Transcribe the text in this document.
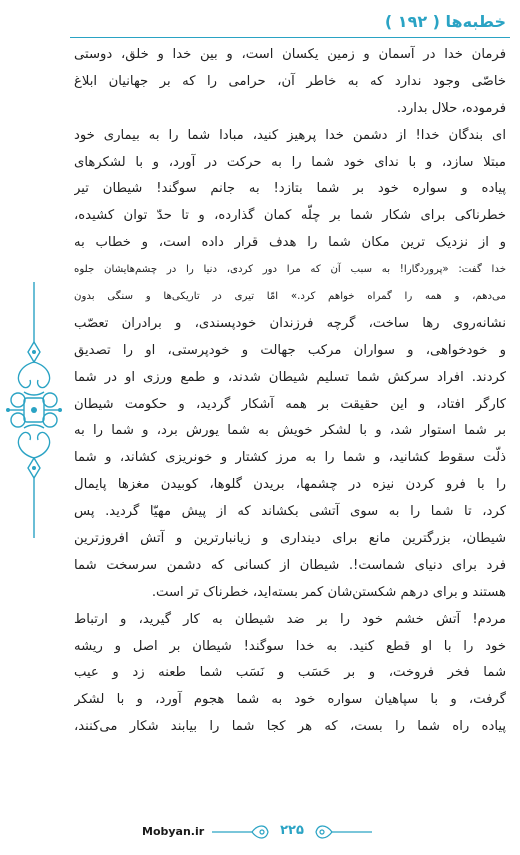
خطبه‌ها ( ۱۹۲ )
فرمان خدا در آسمان و زمین یکسان است، و بین خدا و خلق، دوستی
خاصّی وجود ندارد که به خاطر آن، حرامی را که بر جهانیان ابلاغ
فرموده، حلال بدارد.
ای بندگان خدا! از دشمن خدا پرهیز کنید، مبادا شما را به بیماری خود
مبتلا سازد، و با ندای خود شما را به حرکت در آورد، و با لشکرهای
پیاده و سواره خود بر شما بتازد! به جانم سوگند! شیطان تیر
خطرناکی برای شکار شما بر چلّه کمان گذارده، و تا حدّ توان کشیده،
و از نزدیک ترین مکان شما را هدف قرار داده است، و خطاب به
خدا گفت: «پروردگارا! به سبب آن که مرا دور کردی، دنیا را در چشم‌هایشان جلوه
می‌دهم، و همه را گمراه خواهم کرد.» امّا تیری در تاریکی‌ها و سنگی بدون
نشانه‌روی رها ساخت، گرچه فرزندان خودپسندی، و برادران تعصّب
و خودخواهی، و سواران مرکب جهالت و خودپرستی، او را تصدیق
کردند. افراد سرکش شما تسلیم شیطان شدند، و طمع ورزی او در شما
کارگر افتاد، و این حقیقت بر همه آشکار گردید، و حکومت شیطان
بر شما استوار شد، و با لشکر خویش به شما یورش برد، و شما را به
ذلّت سقوط کشانید، و شما را به مرز کشتار و خونریزی کشاند، و شما
را با فرو کردن نیزه در چشمها، بریدن گلوها، کوبیدن مغزها پایمال
کرد، تا شما را به سوی آتشی بکشاند که از پیش مهیّا گردید. پس
شیطان، بزرگترین مانع برای دینداری و زیانبارترین و آتش افروزترین
فرد برای دنیای شماست!. شیطان از کسانی که دشمن سرسخت شما
هستند و برای درهم شکستن‌شان کمر بسته‌اید، خطرناک تر است.
مردم! آتش خشم خود را بر ضد شیطان به کار گیرید، و ارتباط
خود را با او قطع کنید. به خدا سوگند! شیطان بر اصل و ریشه
شما فخر فروخت، و بر حَسَب و نَسَب شما طعنه زد و عیب
گرفت، و با سپاهیان سواره خود به شما هجوم آورد، و با لشکر
پیاده راه شما را بست، که هر کجا شما را بیابند شکار می‌کنند،
Mobyan.ir	۲۲۵
